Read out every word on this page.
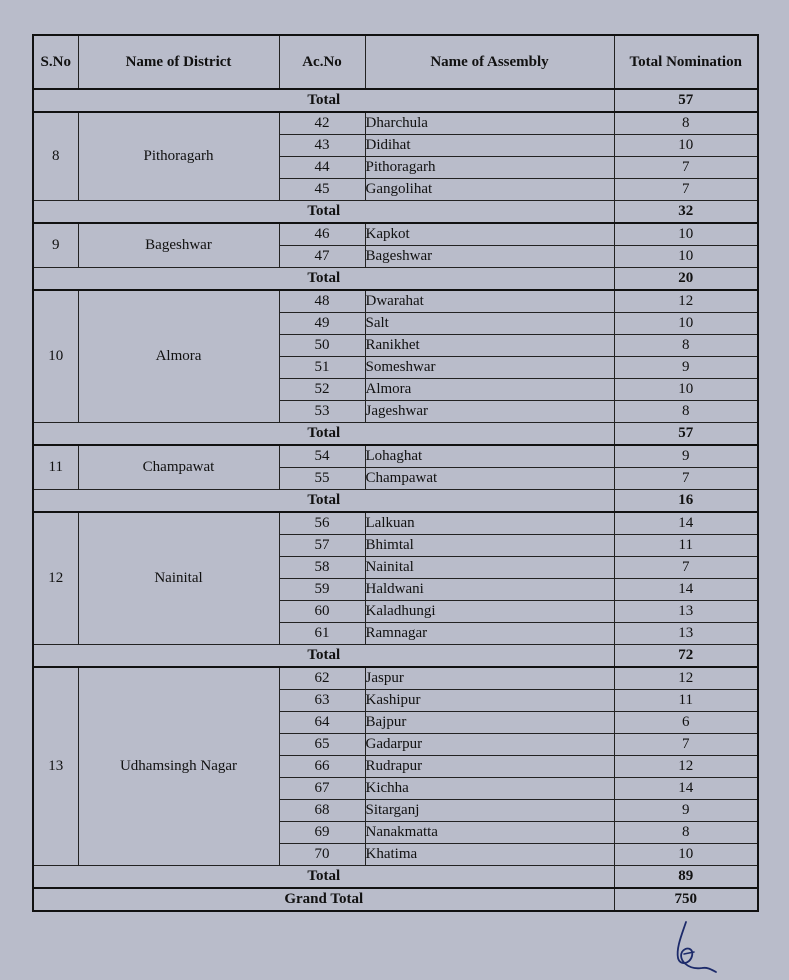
S.No	Name of District	Ac.No	Name of Assembly	Total Nomination
Total				57
8	Pithoragarh	42	Dharchula	8
		43	Didihat	10
		44	Pithoragarh	7
		45	Gangolihat	7
Total				32
9	Bageshwar	46	Kapkot	10
		47	Bageshwar	10
Total				20
10	Almora	48	Dwarahat	12
		49	Salt	10
		50	Ranikhet	8
		51	Someshwar	9
		52	Almora	10
		53	Jageshwar	8
Total				57
11	Champawat	54	Lohaghat	9
		55	Champawat	7
Total				16
12	Nainital	56	Lalkuan	14
		57	Bhimtal	11
		58	Nainital	7
		59	Haldwani	14
		60	Kaladhungi	13
		61	Ramnagar	13
Total				72
13	Udhamsingh Nagar	62	Jaspur	12
		63	Kashipur	11
		64	Bajpur	6
		65	Gadarpur	7
		66	Rudrapur	12
		67	Kichha	14
		68	Sitarganj	9
		69	Nanakmatta	8
		70	Khatima	10
Total				89
Grand Total				750
